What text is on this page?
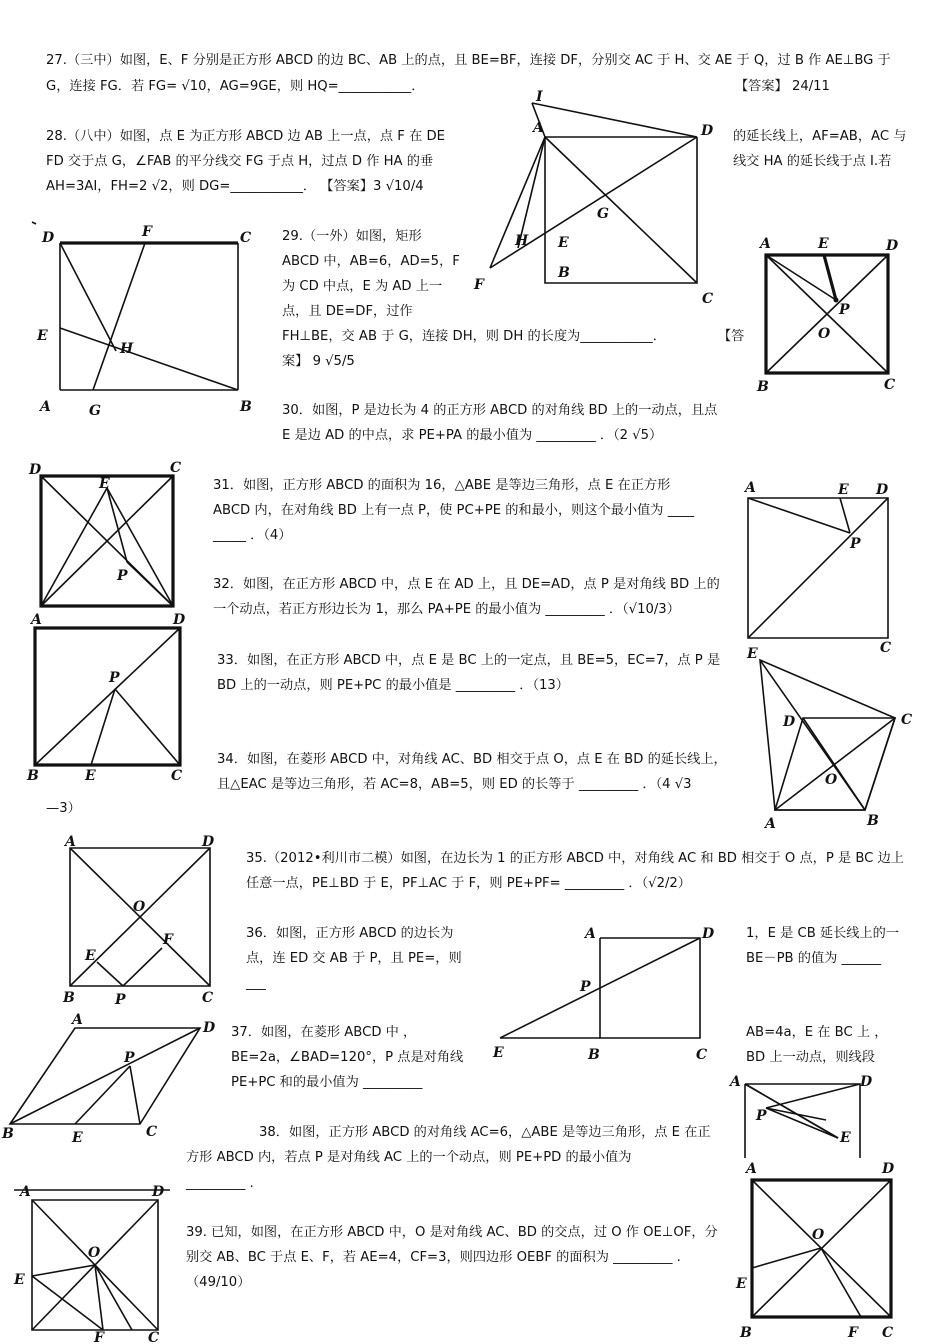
27.（三中）如图，E、F 分别是正方形 ABCD 的边 BC、AB 上的点，且 BE=BF，连接 DF，分别交 AC 于 H、交 AE 于 Q，过 B 作 AE⊥BG 于
G，连接 FG．若 FG= √10，AG=9GE，则 HQ=___________．	【答案】 24/11
28.（八中）如图，点 E 为正方形 ABCD 边 AB 上一点，点 F 在 DE	的延长线上，AF=AB，AC 与
FD 交于点 G，∠FAB 的平分线交 FG 于点 H，过点 D 作 HA 的垂	线交 HA 的延长线于点 I.若
AH=3AI，FH=2 √2，则 DG=___________． 【答案】3 √10/4
I
A	D
G
H E
B
C
F
D	F	C
E
H
A	G	B
29.（一外）如图，矩形
ABCD 中，AB=6，AD=5，F
为 CD 中点，E 为 AD 上一
点，且 DE=DF，过作
FH⊥BE，交 AB 于 G，连接 DH，则 DH 的长度为___________．	【答
案】 9 √5/5
A	E	D
P
O
B	C
30．如图，P 是边长为 4 的正方形 ABCD 的对角线 BD 上的一动点，且点
E 是边 AD 的中点，求 PE+PA 的最小值为 _________ ．（2 √5）
D	C
E
P
31．如图，正方形 ABCD 的面积为 16，△ABE 是等边三角形，点 E 在正方形
ABCD 内，在对角线 BD 上有一点 P，使 PC+PE 的和最小，则这个最小值为 ____
_____ ．（4）
A	E D
P
C
32．如图，在正方形 ABCD 中，点 E 在 AD 上，且 DE=AD，点 P 是对角线 BD 上的
一个动点，若正方形边长为 1，那么 PA+PE 的最小值为 _________ ．（√10/3）
A	D
P
B	E	C
33．如图，在正方形 ABCD 中，点 E 是 BC 上的一定点，且 BE=5，EC=7，点 P 是
BD 上的一动点，则 PE+PC 的最小值是 _________ ．（13）
E
D	C
O
A	B
34．如图，在菱形 ABCD 中，对角线 AC、BD 相交于点 O，点 E 在 BD 的延长线上，
且△EAC 是等边三角形，若 AC=8，AB=5，则 ED 的长等于 _________ ．（4 √3
—3）
A	D
O
E
F
B	P	C
35.（2012•利川市二模）如图，在边长为 1 的正方形 ABCD 中，对角线 AC 和 BD 相交于 O 点，P 是 BC 边上
任意一点，PE⊥BD 于 E，PF⊥AC 于 F，则 PE+PF= _________ ．（√2/2）
36．如图，正方形 ABCD 的边长为	1，E 是 CB 延长线上的一
点，连 ED 交 AB 于 P，且 PE=，则	BE－PB 的值为 ______
___
A	D
P
E	B	C
A	D
P
B	E	C
37．如图，在菱形 ABCD 中 ，	AB=4a，E 在 BC 上 ，
BE=2a，∠BAD=120°，P 点是对角线	BD 上一动点，则线段
PE+PC 和的最小值为 _________	A	D
P
E
38．如图，正方形 ABCD 的对角线 AC=6，△ABE 是等边三角形，点 E 在正
方形 ABCD 内，若点 P 是对角线 AC 上的一个动点，则 PE+PD 的最小值为
_________ .
A	D
O
E
F	C
39. 已知，如图，在正方形 ABCD 中，O 是对角线 AC、BD 的交点，过 O 作 OE⊥OF，分
别交 AB、BC 于点 E、F，若 AE=4，CF=3，则四边形 OEBF 的面积为 _________ .
（49/10）
A	D
O
E
B	F C
